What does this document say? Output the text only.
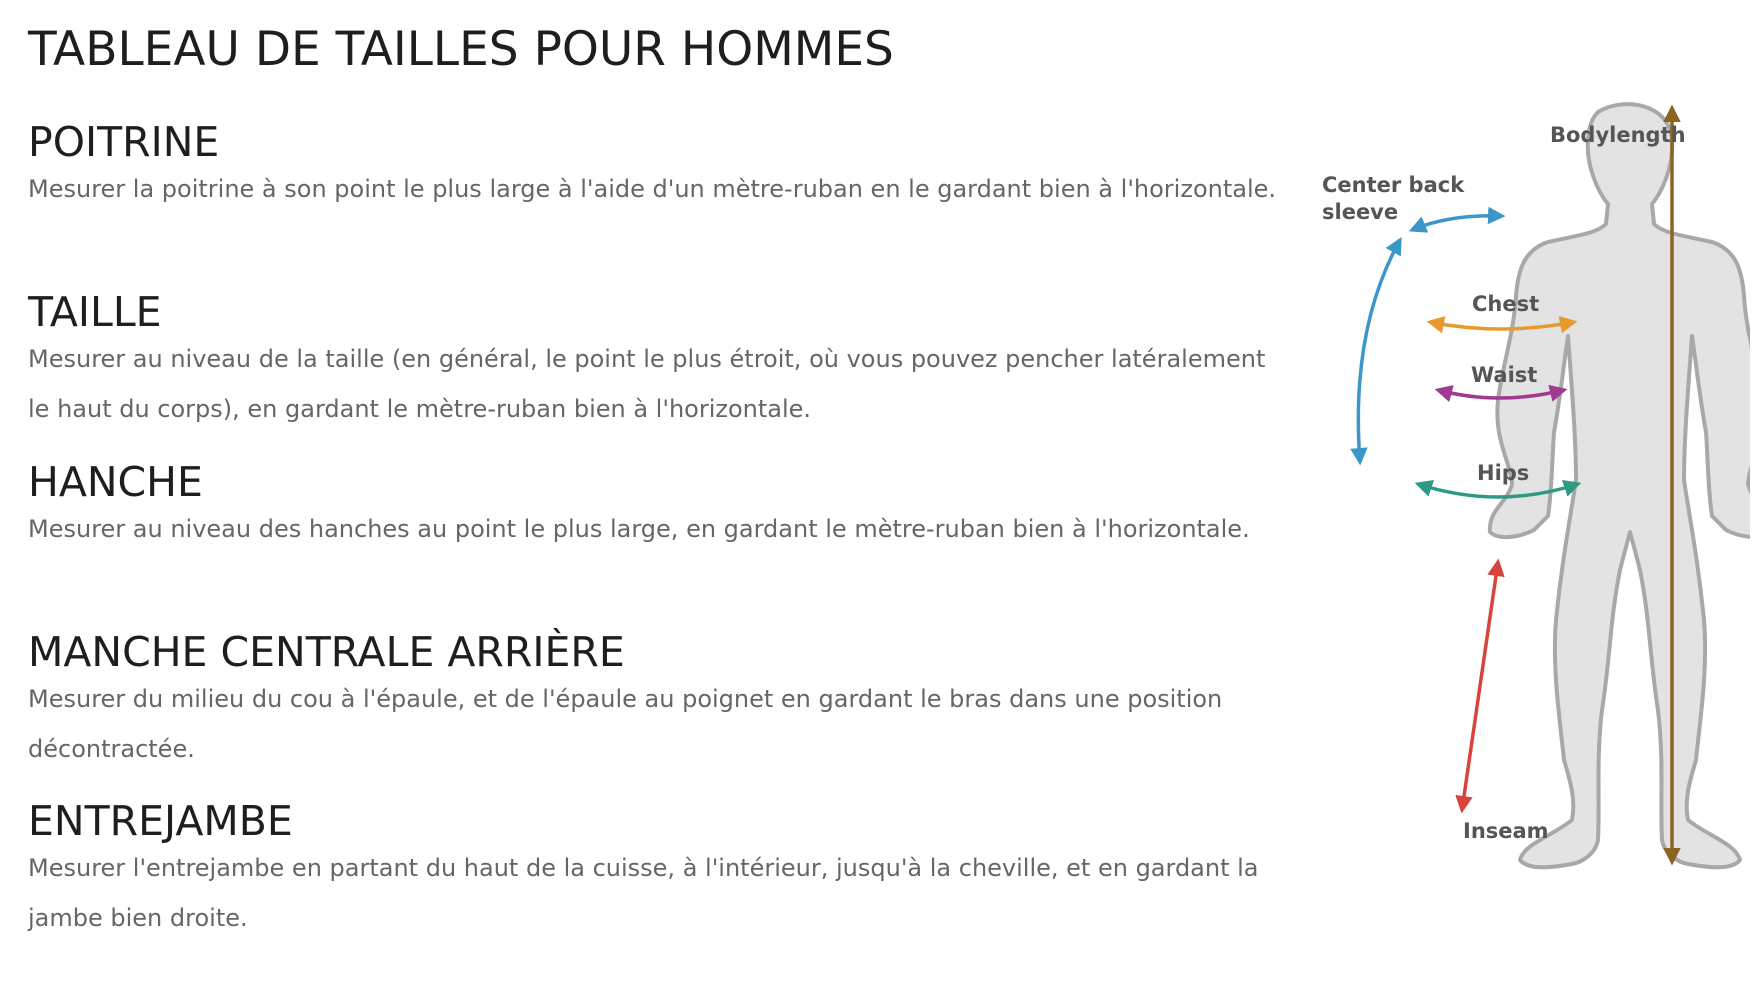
TABLEAU DE TAILLES POUR HOMMES
POITRINE

Mesurer la poitrine à son point le plus large à l'aide d'un mètre-ruban en le gardant bien à l'horizontale.

TAILLE

Mesurer au niveau de la taille (en général, le point le plus étroit, où vous pouvez pencher latéralement le haut du corps), en gardant le mètre-ruban bien à l'horizontale.

HANCHE

Mesurer au niveau des hanches au point le plus large, en gardant le mètre-ruban bien à l'horizontale.

MANCHE CENTRALE ARRIÈRE

Mesurer du milieu du cou à l'épaule, et de l'épaule au poignet en gardant le bras dans une position décontractée.

ENTREJAMBE

Mesurer l'entrejambe en partant du haut de la cuisse, à l'intérieur, jusqu'à la cheville, et en gardant la jambe bien droite.

Bodylength
Center back
sleeve
Chest
Waist
Hips
Inseam
